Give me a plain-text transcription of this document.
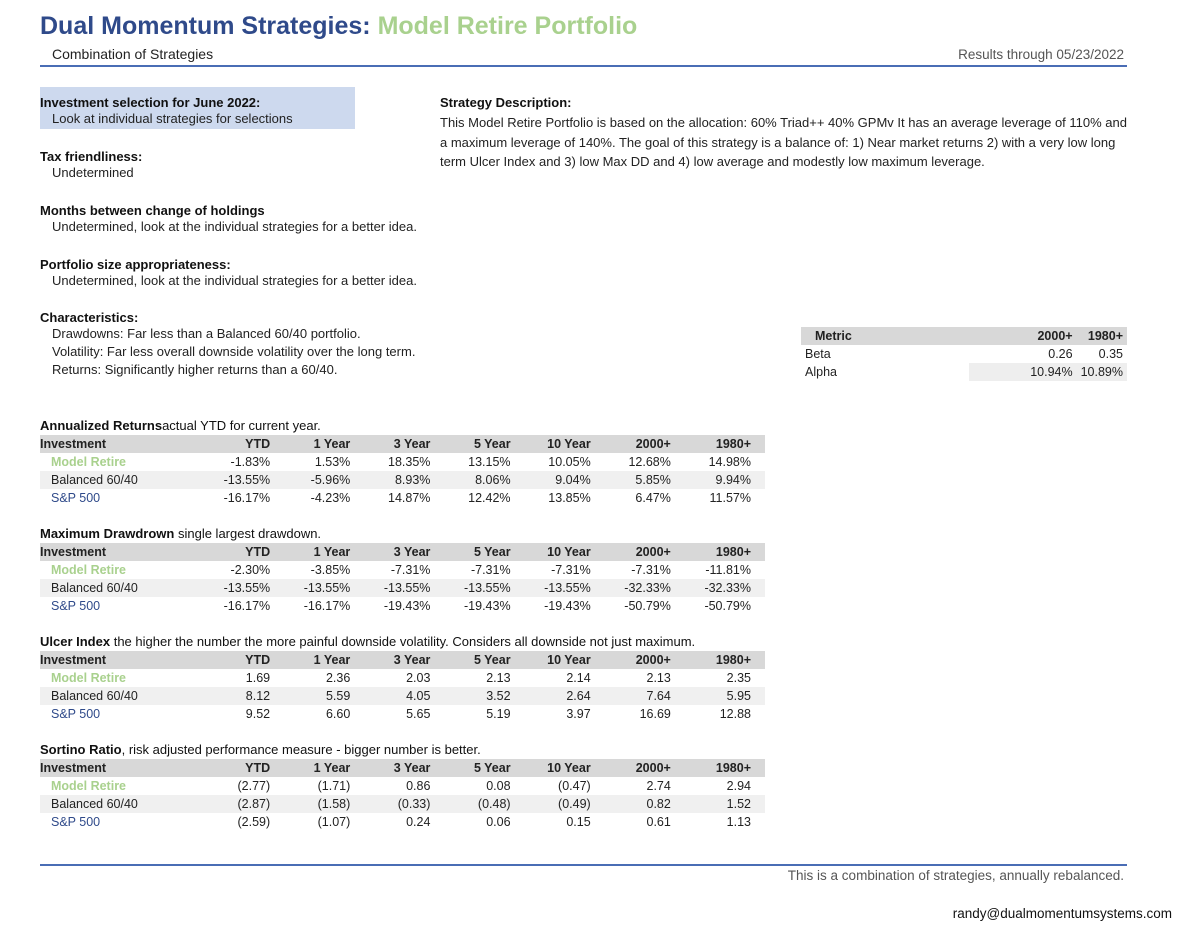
Dual Momentum Strategies: Model Retire Portfolio
Combination of Strategies	Results through 05/23/2022
Investment selection for June 2022:
Look at individual strategies for selections
Tax friendliness:
Undetermined
Months between change of holdings
Undetermined, look at the individual strategies for a better idea.
Portfolio size appropriateness:
Undetermined, look at the individual strategies for a better idea.
Characteristics:
Drawdowns: Far less than a Balanced 60/40 portfolio.
Volatility: Far less overall downside volatility over the long term.
Returns: Significantly higher returns than a 60/40.
Strategy Description:
This Model Retire Portfolio is based on the allocation: 60% Triad++ 40% GPMv It has an average leverage of 110% and a maximum leverage of 140%. The goal of this strategy is a balance of: 1) Near market returns 2) with a very low long term Ulcer Index and 3) low Max DD and 4) low average and modestly low maximum leverage.
Metric	2000+	1980+
Beta	0.26	0.35
Alpha	10.94%	10.89%
Annualized Returnsactual YTD for current year.
Investment	YTD	1 Year	3 Year	5 Year	10 Year	2000+	1980+
Model Retire	-1.83%	1.53%	18.35%	13.15%	10.05%	12.68%	14.98%
Balanced 60/40	-13.55%	-5.96%	8.93%	8.06%	9.04%	5.85%	9.94%
S&P 500	-16.17%	-4.23%	14.87%	12.42%	13.85%	6.47%	11.57%
Maximum Drawdrown single largest drawdown.
Investment	YTD	1 Year	3 Year	5 Year	10 Year	2000+	1980+
Model Retire	-2.30%	-3.85%	-7.31%	-7.31%	-7.31%	-7.31%	-11.81%
Balanced 60/40	-13.55%	-13.55%	-13.55%	-13.55%	-13.55%	-32.33%	-32.33%
S&P 500	-16.17%	-16.17%	-19.43%	-19.43%	-19.43%	-50.79%	-50.79%
Ulcer Index the higher the number the more painful downside volatility. Considers all downside not just maximum.
Investment	YTD	1 Year	3 Year	5 Year	10 Year	2000+	1980+
Model Retire	1.69	2.36	2.03	2.13	2.14	2.13	2.35
Balanced 60/40	8.12	5.59	4.05	3.52	2.64	7.64	5.95
S&P 500	9.52	6.60	5.65	5.19	3.97	16.69	12.88
Sortino Ratio, risk adjusted performance measure - bigger number is better.
Investment	YTD	1 Year	3 Year	5 Year	10 Year	2000+	1980+
Model Retire	(2.77)	(1.71)	0.86	0.08	(0.47)	2.74	2.94
Balanced 60/40	(2.87)	(1.58)	(0.33)	(0.48)	(0.49)	0.82	1.52
S&P 500	(2.59)	(1.07)	0.24	0.06	0.15	0.61	1.13
This is a combination of strategies, annually rebalanced.
randy@dualmomentumsystems.com
